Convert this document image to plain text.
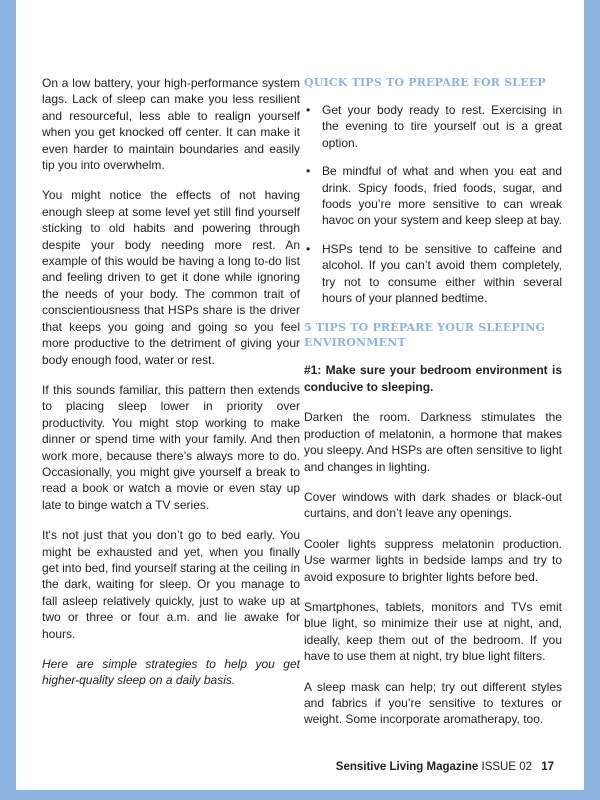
On a low battery, your high-performance system lags. Lack of sleep can make you less resilient and resourceful, less able to realign yourself when you get knocked off center. It can make it even harder to maintain boundaries and easily tip you into overwhelm.

You might notice the effects of not having enough sleep at some level yet still find yourself sticking to old habits and powering through despite your body needing more rest. An example of this would be having a long to-do list and feeling driven to get it done while ignoring the needs of your body. The common trait of conscientiousness that HSPs share is the driver that keeps you going and going so you feel more productive to the detriment of giving your body enough food, water or rest.

If this sounds familiar, this pattern then extends to placing sleep lower in priority over productivity. You might stop working to make dinner or spend time with your family. And then work more, because there’s always more to do. Occasionally, you might give yourself a break to read a book or watch a movie or even stay up late to binge watch a TV series.

It's not just that you don’t go to bed early. You might be exhausted and yet, when you finally get into bed, find yourself staring at the ceiling in the dark, waiting for sleep. Or you manage to fall asleep relatively quickly, just to wake up at two or three or four a.m. and lie awake for hours.

Here are simple strategies to help you get higher-quality sleep on a daily basis.

QUICK TIPS TO PREPARE FOR SLEEP
• Get your body ready to rest. Exercising in the evening to tire yourself out is a great option.
• Be mindful of what and when you eat and drink. Spicy foods, fried foods, sugar, and foods you’re more sensitive to can wreak havoc on your system and keep sleep at bay.
• HSPs tend to be sensitive to caffeine and alcohol. If you can’t avoid them completely, try not to consume either within several hours of your planned bedtime.
5 TIPS TO PREPARE YOUR SLEEPING ENVIRONMENT
#1: Make sure your bedroom environment is conducive to sleeping.

Darken the room. Darkness stimulates the production of melatonin, a hormone that makes you sleepy. And HSPs are often sensitive to light and changes in lighting.

Cover windows with dark shades or black-out curtains, and don’t leave any openings.

Cooler lights suppress melatonin production. Use warmer lights in bedside lamps and try to avoid exposure to brighter lights before bed.

Smartphones, tablets, monitors and TVs emit blue light, so minimize their use at night, and, ideally, keep them out of the bedroom. If you have to use them at night, try blue light filters.

A sleep mask can help; try out different styles and fabrics if you’re sensitive to textures or weight. Some incorporate aromatherapy, too.

Sensitive Living Magazine ISSUE 02 17
